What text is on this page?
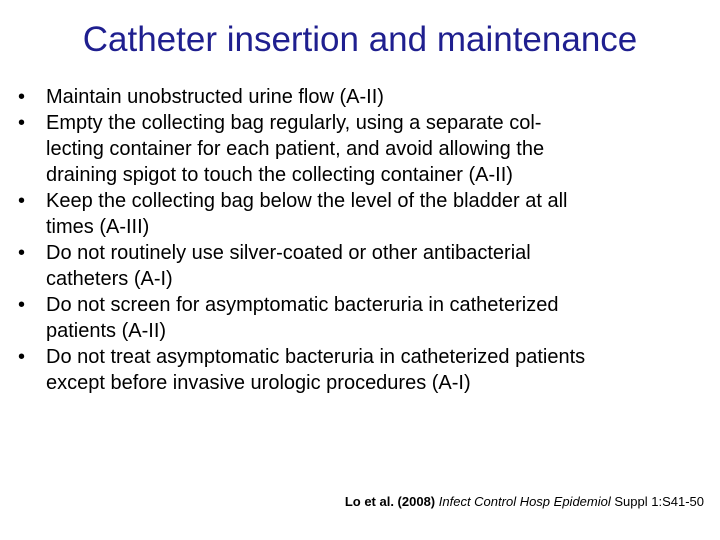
Catheter insertion and maintenance
•	Maintain unobstructed urine flow (A-II)
•	Empty the collecting bag regularly, using a separate col-
lecting container for each patient, and avoid allowing the
draining spigot to touch the collecting container (A-II)
•	Keep the collecting bag below the level of the bladder at all
times (A-III)
•	Do not routinely use silver-coated or other antibacterial
catheters (A-I)
•	Do not screen for asymptomatic bacteruria in catheterized
patients (A-II)
•	Do not treat asymptomatic bacteruria in catheterized patients
except before invasive urologic procedures (A-I)
Lo et al. (2008) Infect Control Hosp Epidemiol Suppl 1:S41-50
